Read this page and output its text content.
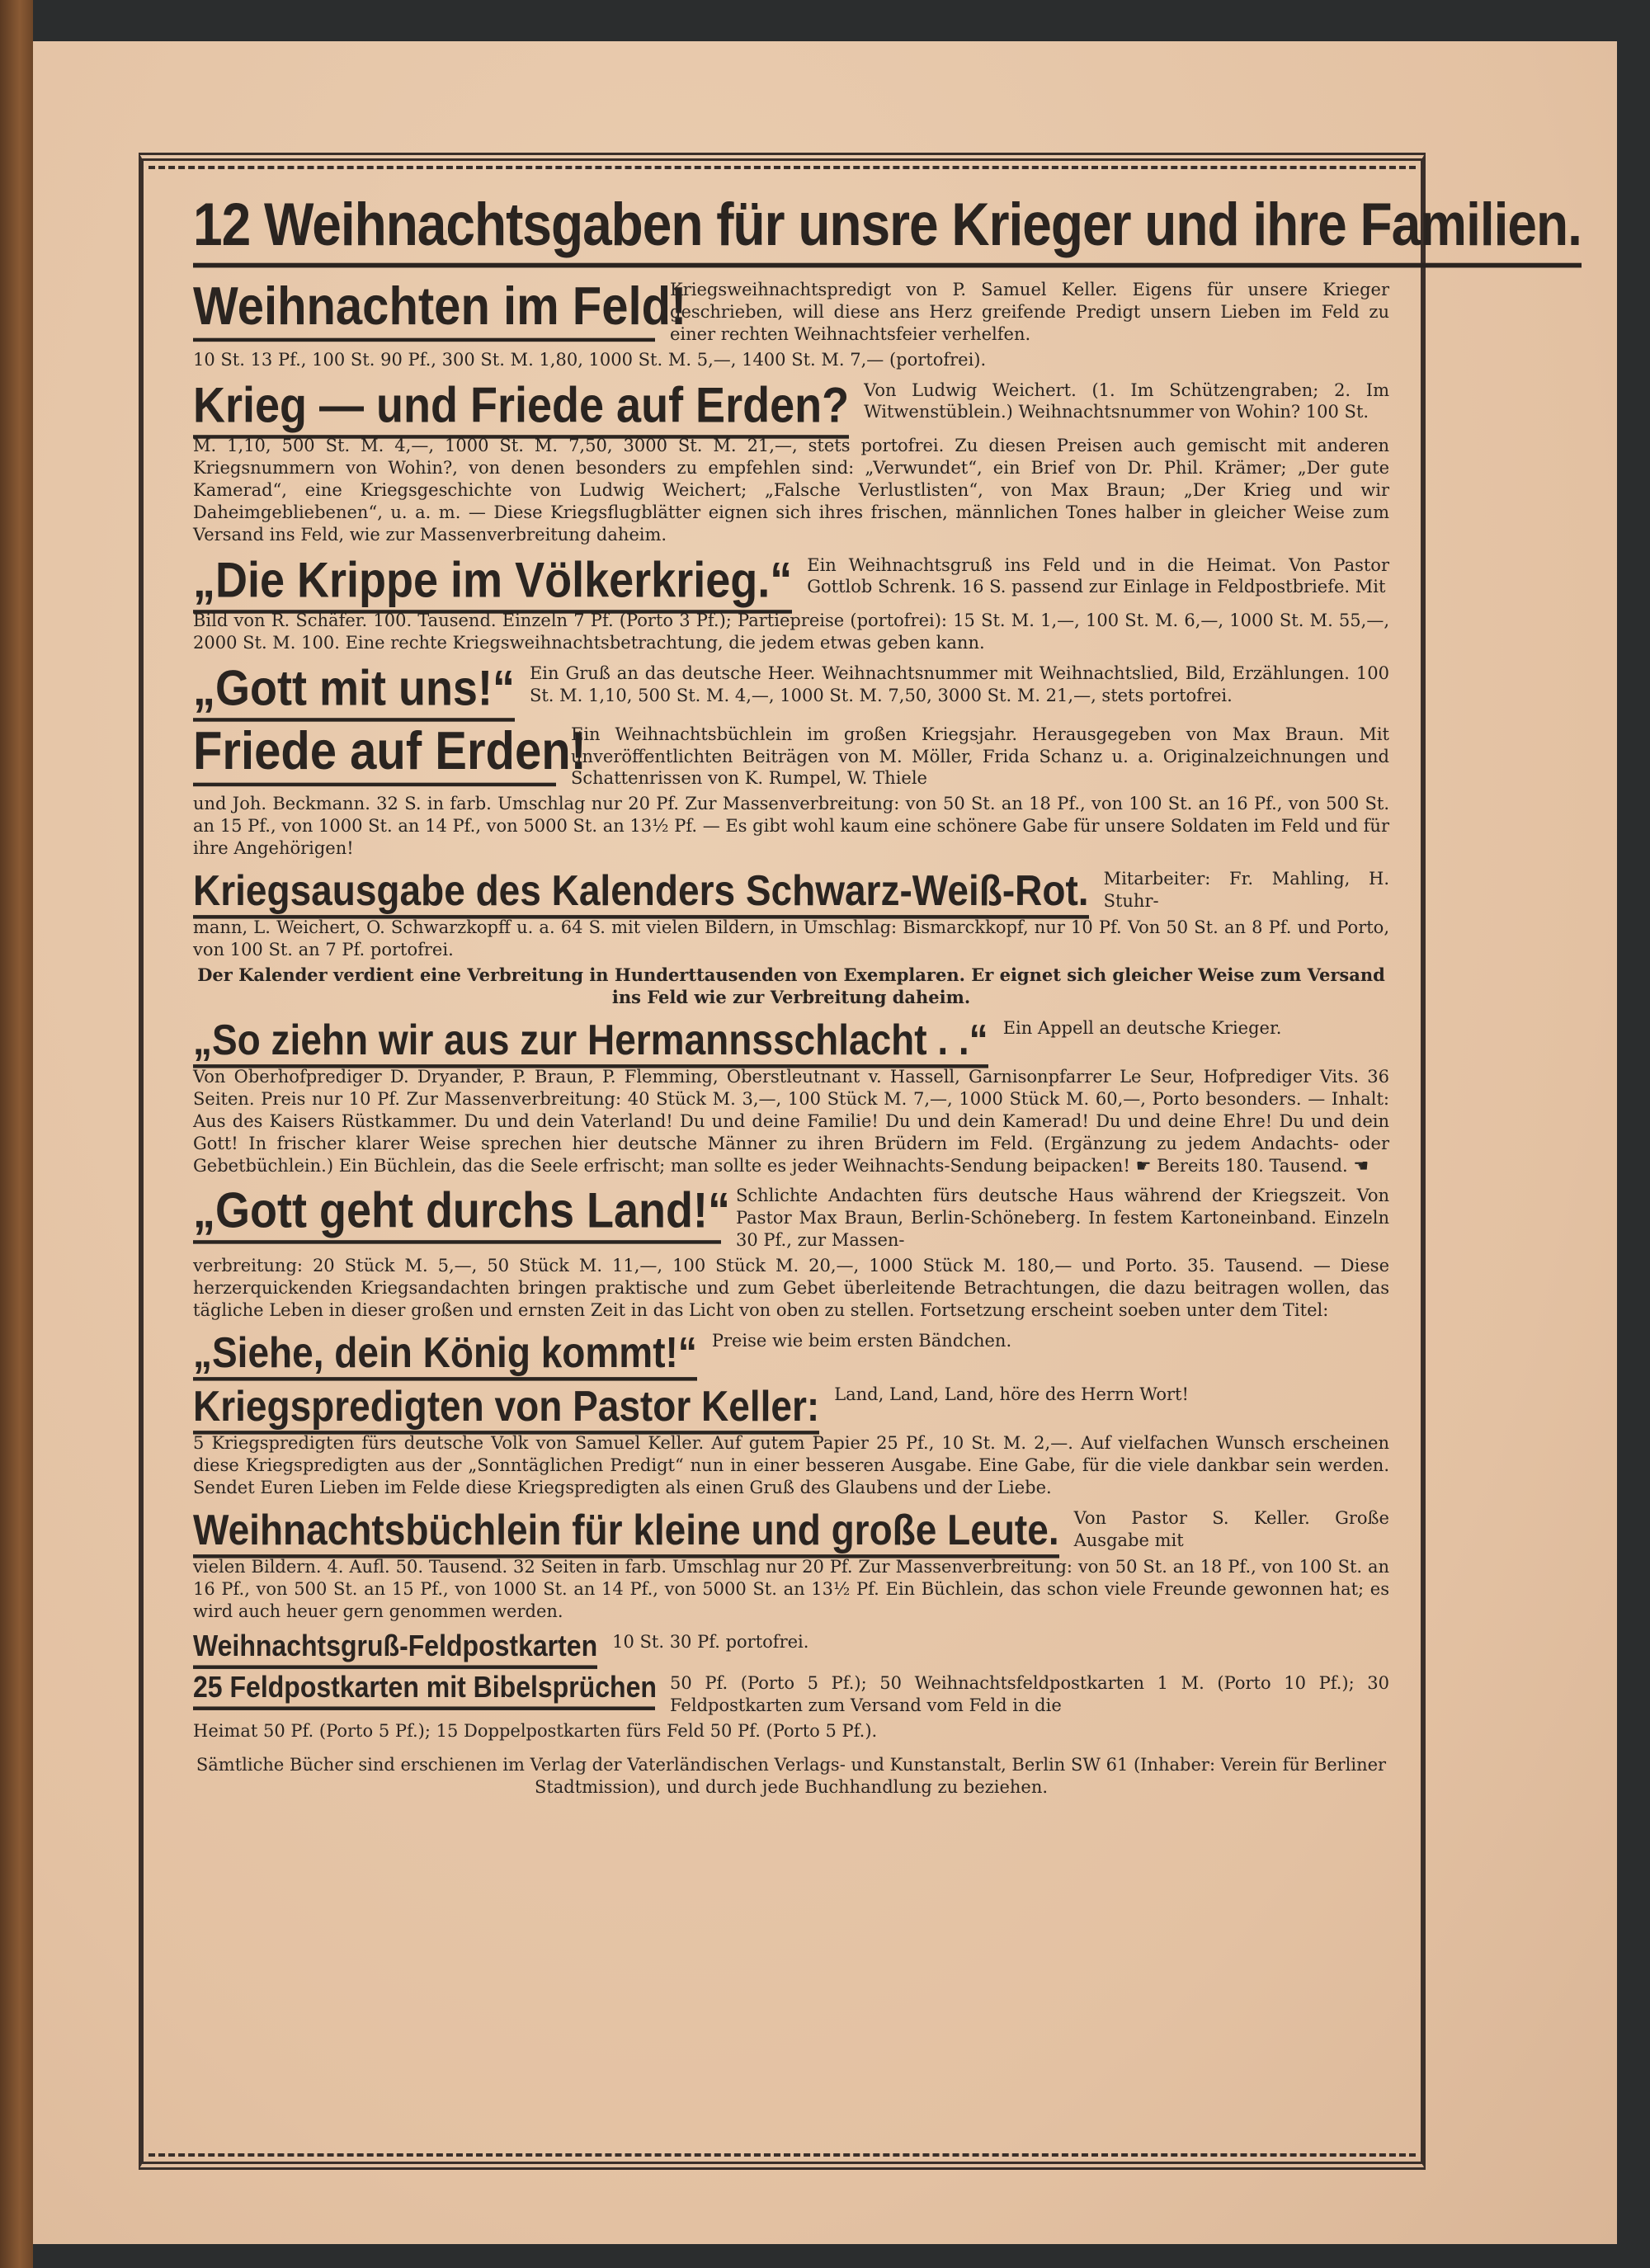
12 Weihnachtsgaben für unsre Krieger und ihre Familien.
Weihnachten im Feld!
Kriegsweihnachtspredigt von P. Samuel Keller. Eigens für unsere Krieger geschrieben, will diese ans Herz greifende Predigt unsern Lieben im Feld zu einer rechten Weihnachtsfeier verhelfen.
10 St. 13 Pf., 100 St. 90 Pf., 300 St. M. 1,80, 1000 St. M. 5,—, 1400 St. M. 7,— (portofrei).
Krieg — und Friede auf Erden? Von Ludwig Weichert. (1. Im Schützengraben; 2. Im Witwenstüblein.) Weihnachtsnummer von Wohin? 100 St.
M. 1,10, 500 St. M. 4,—, 1000 St. M. 7,50, 3000 St. M. 21,—, stets portofrei. Zu diesen Preisen auch gemischt mit anderen Kriegsnummern von Wohin?, von denen besonders zu empfehlen sind: „Verwundet“, ein Brief von Dr. Phil. Krämer; „Der gute Kamerad“, eine Kriegsgeschichte von Ludwig Weichert; „Falsche Verlustlisten“, von Max Braun; „Der Krieg und wir Daheimgebliebenen“, u. a. m. — Diese Kriegsflugblätter eignen sich ihres frischen, männlichen Tones halber in gleicher Weise zum Versand ins Feld, wie zur Massenverbreitung daheim.
„Die Krippe im Völkerkrieg.“ Ein Weihnachtsgruß ins Feld und in die Heimat. Von Pastor Gottlob Schrenk. 16 S. passend zur Einlage in Feldpostbriefe. Mit
Bild von R. Schäfer. 100. Tausend. Einzeln 7 Pf. (Porto 3 Pf.); Partiepreise (portofrei): 15 St. M. 1,—, 100 St. M. 6,—, 1000 St. M. 55,—, 2000 St. M. 100. Eine rechte Kriegsweihnachtsbetrachtung, die jedem etwas geben kann.
„Gott mit uns!“ Ein Gruß an das deutsche Heer. Weihnachtsnummer mit Weihnachtslied, Bild, Erzählungen. 100 St. M. 1,10, 500 St. M. 4,—, 1000 St. M. 7,50, 3000 St. M. 21,—, stets portofrei.
Friede auf Erden!
Ein Weihnachtsbüchlein im großen Kriegsjahr. Herausgegeben von Max Braun. Mit unveröffentlichten Beiträgen von M. Möller, Frida Schanz u. a. Originalzeichnungen und Schattenrissen von K. Rumpel, W. Thiele
und Joh. Beckmann. 32 S. in farb. Umschlag nur 20 Pf. Zur Massenverbreitung: von 50 St. an 18 Pf., von 100 St. an 16 Pf., von 500 St. an 15 Pf., von 1000 St. an 14 Pf., von 5000 St. an 13½ Pf. — Es gibt wohl kaum eine schönere Gabe für unsere Soldaten im Feld und für ihre Angehörigen!
Kriegsausgabe des Kalenders Schwarz-Weiß-Rot. Mitarbeiter: Fr. Mahling, H. Stuhr-
mann, L. Weichert, O. Schwarzkopff u. a. 64 S. mit vielen Bildern, in Umschlag: Bismarckkopf, nur 10 Pf. Von 50 St. an 8 Pf. und Porto, von 100 St. an 7 Pf. portofrei.
Der Kalender verdient eine Verbreitung in Hunderttausenden von Exemplaren. Er eignet sich gleicher Weise zum Versand ins Feld wie zur Verbreitung daheim.
„So ziehn wir aus zur Hermannsschlacht . .“ Ein Appell an deutsche Krieger.
Von Oberhofprediger D. Dryander, P. Braun, P. Flemming, Oberstleutnant v. Hassell, Garnisonpfarrer Le Seur, Hofprediger Vits. 36 Seiten. Preis nur 10 Pf. Zur Massenverbreitung: 40 Stück M. 3,—, 100 Stück M. 7,—, 1000 Stück M. 60,—, Porto besonders. — Inhalt: Aus des Kaisers Rüstkammer. Du und dein Vaterland! Du und deine Familie! Du und dein Kamerad! Du und deine Ehre! Du und dein Gott! In frischer klarer Weise sprechen hier deutsche Männer zu ihren Brüdern im Feld. (Ergänzung zu jedem Andachts- oder Gebetbüchlein.) Ein Büchlein, das die Seele erfrischt; man sollte es jeder Weihnachts-Sendung beipacken! ☛ Bereits 180. Tausend. ☚
„Gott geht durchs Land!“ Schlichte Andachten fürs deutsche Haus während der Kriegszeit. Von Pastor Max Braun, Berlin-Schöneberg. In festem Kartoneinband. Einzeln 30 Pf., zur Massen-
verbreitung: 20 Stück M. 5,—, 50 Stück M. 11,—, 100 Stück M. 20,—, 1000 Stück M. 180,— und Porto. 35. Tausend. — Diese herzerquickenden Kriegsandachten bringen praktische und zum Gebet überleitende Betrachtungen, die dazu beitragen wollen, das tägliche Leben in dieser großen und ernsten Zeit in das Licht von oben zu stellen. Fortsetzung erscheint soeben unter dem Titel:
„Siehe, dein König kommt!“ Preise wie beim ersten Bändchen.
Kriegspredigten von Pastor Keller: Land, Land, Land, höre des Herrn Wort!
5 Kriegspredigten fürs deutsche Volk von Samuel Keller. Auf gutem Papier 25 Pf., 10 St. M. 2,—. Auf vielfachen Wunsch erscheinen diese Kriegspredigten aus der „Sonntäglichen Predigt“ nun in einer besseren Ausgabe. Eine Gabe, für die viele dankbar sein werden. Sendet Euren Lieben im Felde diese Kriegspredigten als einen Gruß des Glaubens und der Liebe.
Weihnachtsbüchlein für kleine und große Leute. Von Pastor S. Keller. Große Ausgabe mit
vielen Bildern. 4. Aufl. 50. Tausend. 32 Seiten in farb. Umschlag nur 20 Pf. Zur Massenverbreitung: von 50 St. an 18 Pf., von 100 St. an 16 Pf., von 500 St. an 15 Pf., von 1000 St. an 14 Pf., von 5000 St. an 13½ Pf. Ein Büchlein, das schon viele Freunde gewonnen hat; es wird auch heuer gern genommen werden.
Weihnachtsgruß-Feldpostkarten 10 St. 30 Pf. portofrei.
25 Feldpostkarten mit Bibelsprüchen 50 Pf. (Porto 5 Pf.); 50 Weihnachtsfeldpostkarten 1 M. (Porto 10 Pf.); 30 Feldpostkarten zum Versand vom Feld in die
Heimat 50 Pf. (Porto 5 Pf.); 15 Doppelpostkarten fürs Feld 50 Pf. (Porto 5 Pf.).
Sämtliche Bücher sind erschienen im Verlag der Vaterländischen Verlags- und Kunstanstalt, Berlin SW 61 (Inhaber: Verein für Berliner Stadtmission), und durch jede Buchhandlung zu beziehen.
